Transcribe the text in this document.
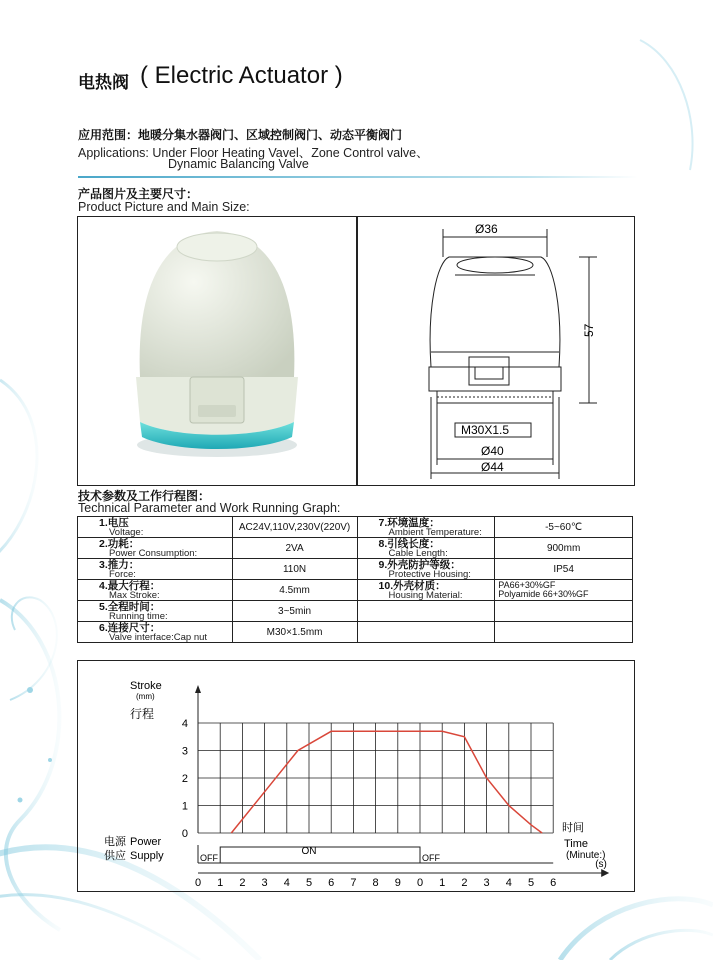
电热阀 ( Electric Actuator )
应用范围：地暖分集水器阀门、区域控制阀门、动态平衡阀门
Applications: Under Floor Heating Vavel、Zone Control valve、
Dynamic Balancing Valve
产品图片及主要尺寸：
Product Picture and Main Size:
Ø36
57
M30X1.5
Ø40
Ø44
技术参数及工作行程图：
Technical Parameter and Work Running Graph:
1.电压
Voltage:	AC24V,110V,230V(220V)	7.环境温度：
Ambient Temperature:	-5~60℃

2.功耗：
Power Consumption:	2VA	8.引线长度：
Cable Length:	900mm

3.推力：
Force:	110N	9.外壳防护等级：
Protective Housing:	IP54

4.最大行程：
Max Stroke:	4.5mm	10.外壳材质：
Housing Material:	PA66+30%GF
Polyamide 66+30%GF

5.全程时间：
Running time:	3~5min		

6.连接尺寸：
Valve interface:Cap nut	M30×1.5mm		
0
1
2
3
4
Stroke
(mm)
行程
OFF
ON
OFF
电源
供应
Power
Supply
时间
Time
(Minute:)
(s)
0 1 2 3 4 5 6 7 8 9 0 1 2 3 4 5 6
